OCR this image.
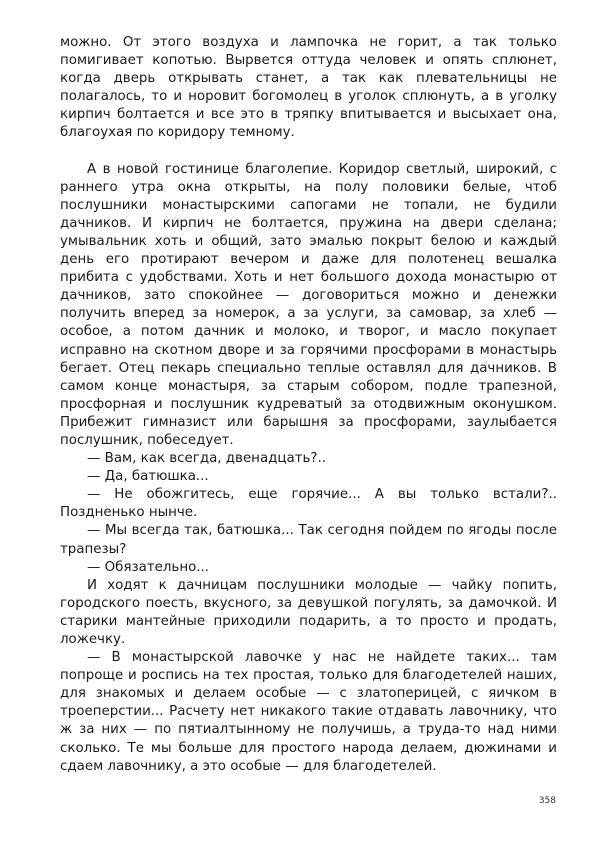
можно. От этого воздуха и лампочка не горит, а так только помигивает копотью. Вырвется оттуда человек и опять сплюнет, когда дверь открывать станет, а так как плевательницы не полагалось, то и норовит богомолец в уголок сплюнуть, а в уголку кирпич болтается и все это в тряпку впитывается и высыхает она, благоухая по коридору темному.

А в новой гостинице благолепие. Коридор светлый, широкий, с раннего утра окна открыты, на полу половики белые, чтоб послушники монастырскими сапогами не топали, не будили дачников. И кирпич не болтается, пружина на двери сделана; умывальник хоть и общий, зато эмалью покрыт белою и каждый день его протирают вечером и даже для полотенец вешалка прибита с удобствами. Хоть и нет большого дохода монастырю от дачников, зато спокойнее — договориться можно и денежки получить вперед за номерок, а за услуги, за самовар, за хлеб — особое, а потом дачник и молоко, и творог, и масло покупает исправно на скотном дворе и за горячими просфорами в монастырь бегает. Отец пекарь специально теплые оставлял для дачников. В самом конце монастыря, за старым собором, подле трапезной, просфорная и послушник кудреватый за отодвижным оконушком. Прибежит гимназист или барышня за просфорами, заулыбается послушник, побеседует.

— Вам, как всегда, двенадцать?..

— Да, батюшка...

— Не обожгитесь, еще горячие... А вы только встали?.. Поздненько нынче.

— Мы всегда так, батюшка... Так сегодня пойдем по ягоды после трапезы?

— Обязательно...

И ходят к дачницам послушники молодые — чайку попить, городского поесть, вкусного, за девушкой погулять, за дамочкой. И старики мантейные приходили подарить, а то просто и продать, ложечку.

— В монастырской лавочке у нас не найдете таких... там попроще и роспись на тех простая, только для благодетелей наших, для знакомых и делаем особые — с златоперицей, с яичком в троеперстии... Расчету нет никакого такие отдавать лавочнику, что ж за них — по пятиалтынному не получишь, а труда-то над ними сколько. Те мы больше для простого народа делаем, дюжинами и сдаем лавочнику, а это особые — для благодетелей.

358
